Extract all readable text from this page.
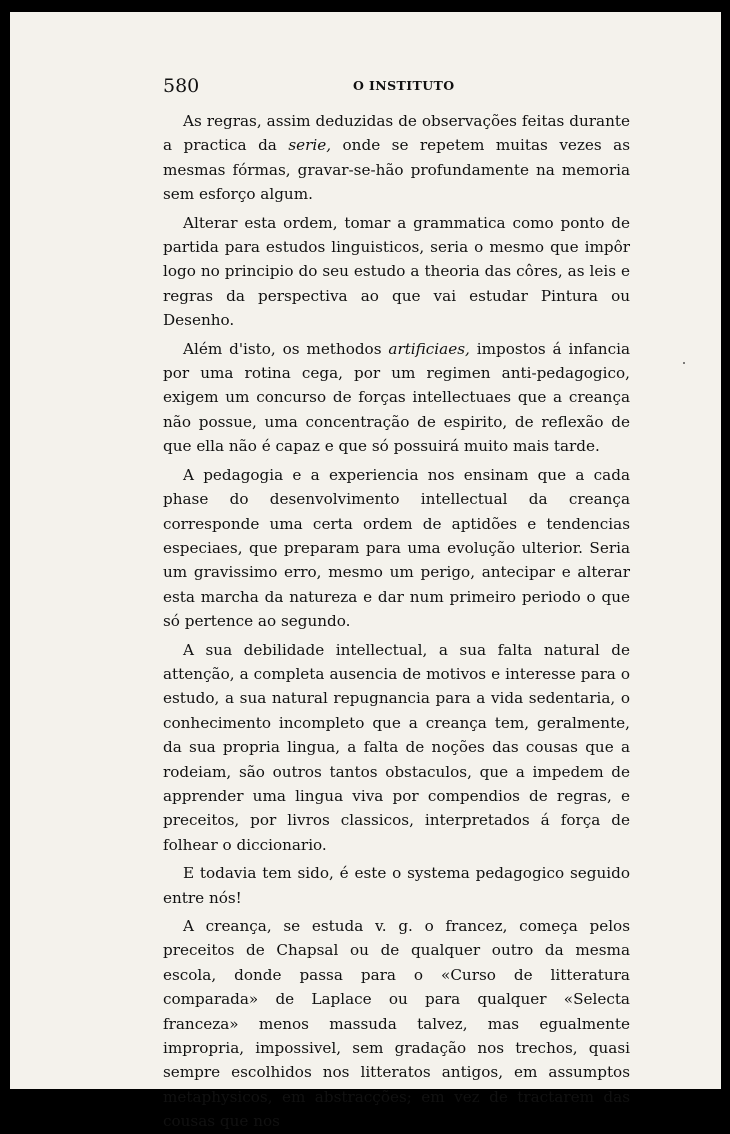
580	O INSTITUTO

As regras, assim deduzidas de observações feitas durante a practica da serie, onde se repetem muitas vezes as mesmas fórmas, gravar-se-hão profundamente na memoria sem esforço algum.

Alterar esta ordem, tomar a grammatica como ponto de partida para estudos linguisticos, seria o mesmo que impôr logo no principio do seu estudo a theoria das côres, as leis e regras da perspectiva ao que vai estudar Pintura ou Desenho.

Além d'isto, os methodos artificiaes, impostos á infancia por uma rotina cega, por um regimen anti-pedagogico, exigem um concurso de forças intellectuaes que a creança não possue, uma concentração de espirito, de reflexão de que ella não é capaz e que só possuirá muito mais tarde.

A pedagogia e a experiencia nos ensinam que a cada phase do desenvolvimento intellectual da creança corresponde uma certa ordem de aptidões e tendencias especiaes, que preparam para uma evolução ulterior. Seria um gravissimo erro, mesmo um perigo, antecipar e alterar esta marcha da natureza e dar num primeiro periodo o que só pertence ao segundo.

A sua debilidade intellectual, a sua falta natural de attenção, a completa ausencia de motivos e interesse para o estudo, a sua natural repugnancia para a vida sedentaria, o conhecimento incompleto que a creança tem, geralmente, da sua propria lingua, a falta de noções das cousas que a rodeiam, são outros tantos obstaculos, que a impedem de apprender uma lingua viva por compendios de regras, e preceitos, por livros classicos, interpretados á força de folhear o diccionario.

E todavia tem sido, é este o systema pedagogico seguido entre nós!

A creança, se estuda v. g. o francez, começa pelos preceitos de Chapsal ou de qualquer outro da mesma escola, donde passa para o «Curso de litteratura comparada» de Laplace ou para qualquer «Selecta franceza» menos massuda talvez, mas egualmente impropria, impossivel, sem gradação nos trechos, quasi sempre escolhidos nos litteratos antigos, em assumptos metaphysicos, em abstracções; em vez de tractarem das cousas que nos
